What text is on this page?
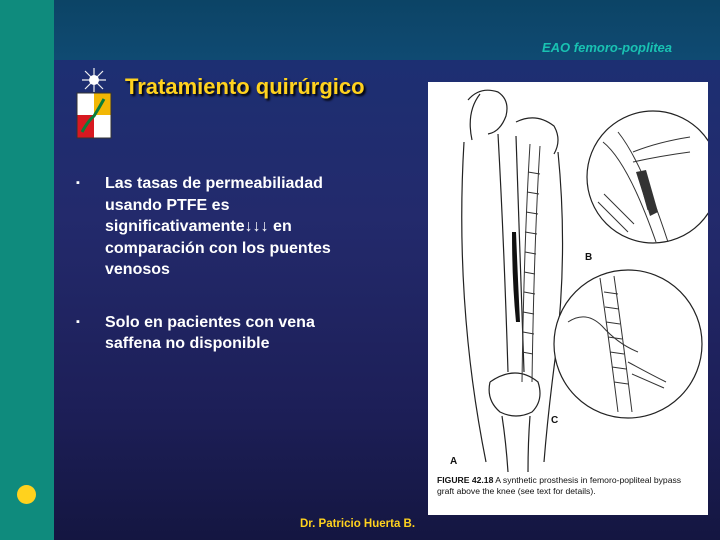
EAO femoro-poplitea
Tratamiento quirúrgico
▪ Las tasas de permeabiliadad usando PTFE es significativamente↓↓↓ en comparación con los puentes venosos
▪ Solo en pacientes con vena saffena no disponible
B
C
A

FIGURE 42.18 A synthetic prosthesis in femoro-popliteal bypass graft above the knee (see text for details).

Dr. Patricio Huerta B.
